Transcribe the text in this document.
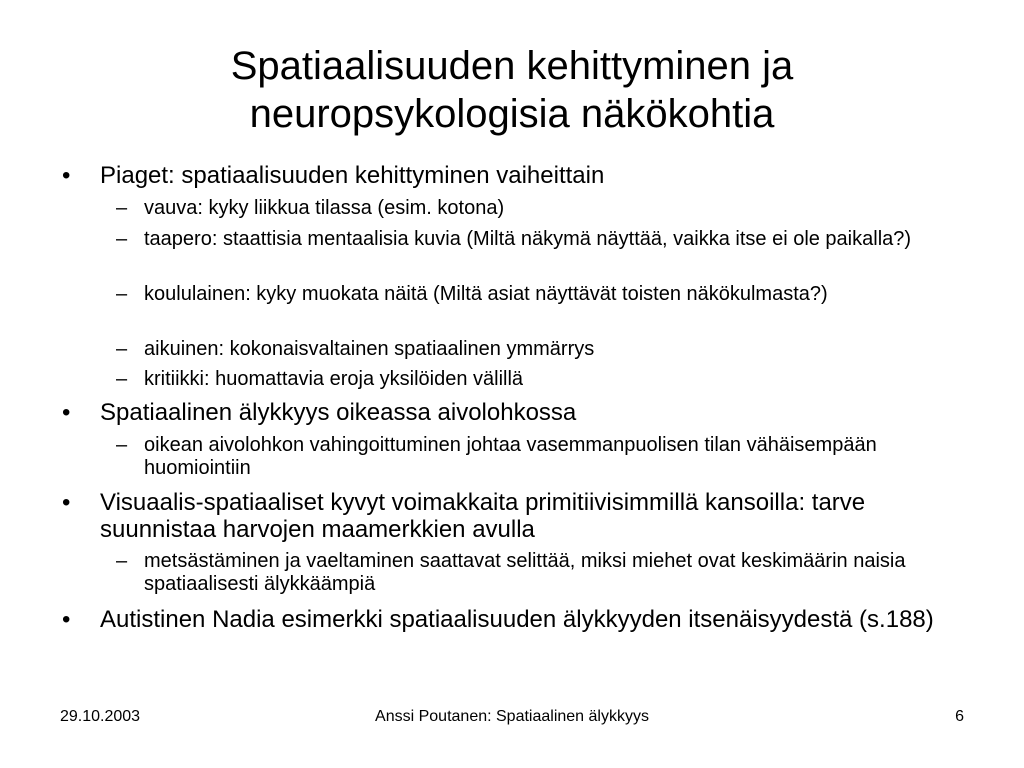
Spatiaalisuuden kehittyminen ja
neuropsykologisia näkökohtia
• Piaget: spatiaalisuuden kehittyminen vaiheittain
– vauva: kyky liikkua tilassa (esim. kotona)
– taapero: staattisia mentaalisia kuvia (Miltä näkymä näyttää, vaikka itse ei ole paikalla?)
– koululainen: kyky muokata näitä (Miltä asiat näyttävät toisten näkökulmasta?)
– aikuinen: kokonaisvaltainen spatiaalinen ymmärrys
– kritiikki: huomattavia eroja yksilöiden välillä
• Spatiaalinen älykkyys oikeassa aivolohkossa
– oikean aivolohkon vahingoittuminen johtaa vasemmanpuolisen tilan vähäisempään huomiointiin
• Visuaalis-spatiaaliset kyvyt voimakkaita primitiivisimmillä kansoilla: tarve suunnistaa harvojen maamerkkien avulla
– metsästäminen ja vaeltaminen saattavat selittää, miksi miehet ovat keskimäärin naisia spatiaalisesti älykkäämpiä
• Autistinen Nadia esimerkki spatiaalisuuden älykkyyden itsenäisyydestä (s.188)
29.10.2003	Anssi Poutanen: Spatiaalinen älykkyys	6
